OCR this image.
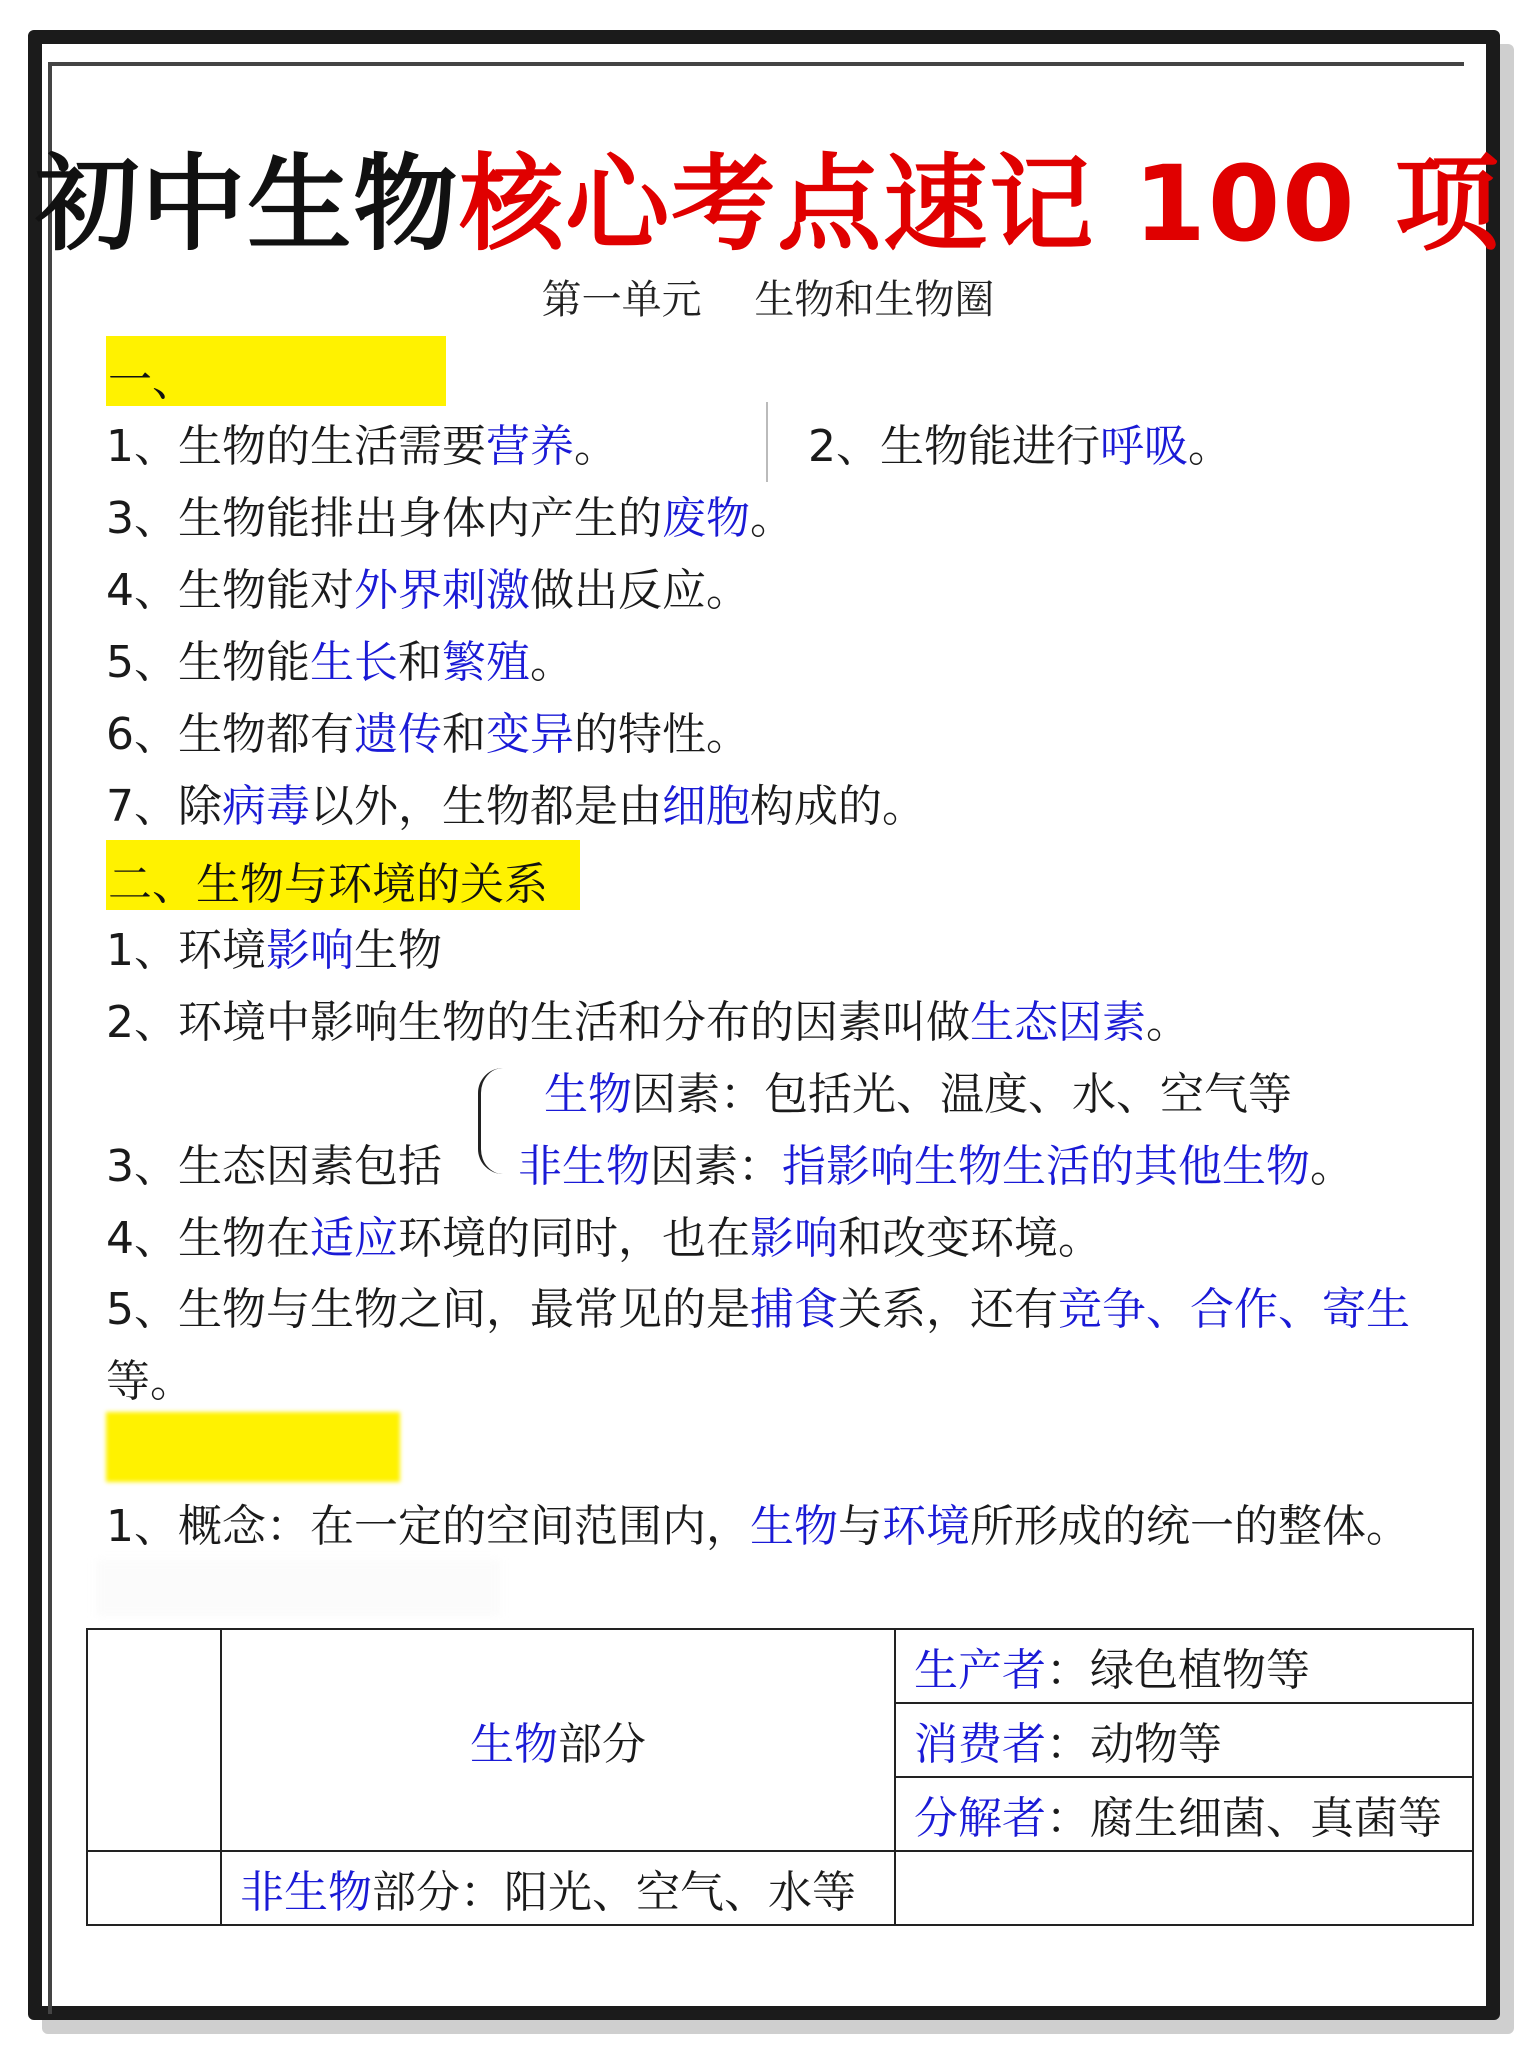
初中生物核心考点速记 100 项
第一单元　 生物和生物圈
一、
1、生物的生活需要营养。	2、生物能进行呼吸。
3、生物能排出身体内产生的废物。
4、生物能对外界刺激做出反应。
5、生物能生长和繁殖。
6、生物都有遗传和变异的特性。
7、除病毒以外，生物都是由细胞构成的。
二、生物与环境的关系
1、环境影响生物
2、环境中影响生物的生活和分布的因素叫做生态因素。
生物因素：包括光、温度、水、空气等
3、生态因素包括 非生物因素：指影响生物生活的其他生物。
4、生物在适应环境的同时，也在影响和改变环境。
5、生物与生物之间，最常见的是捕食关系，还有竞争、合作、寄生等。
1、概念：在一定的空间范围内，生物与环境所形成的统一的整体。
	生物部分	生产者：绿色植物等
		消费者：动物等
		分解者：腐生细菌、真菌等
	非生物部分：阳光、空气、水等	
